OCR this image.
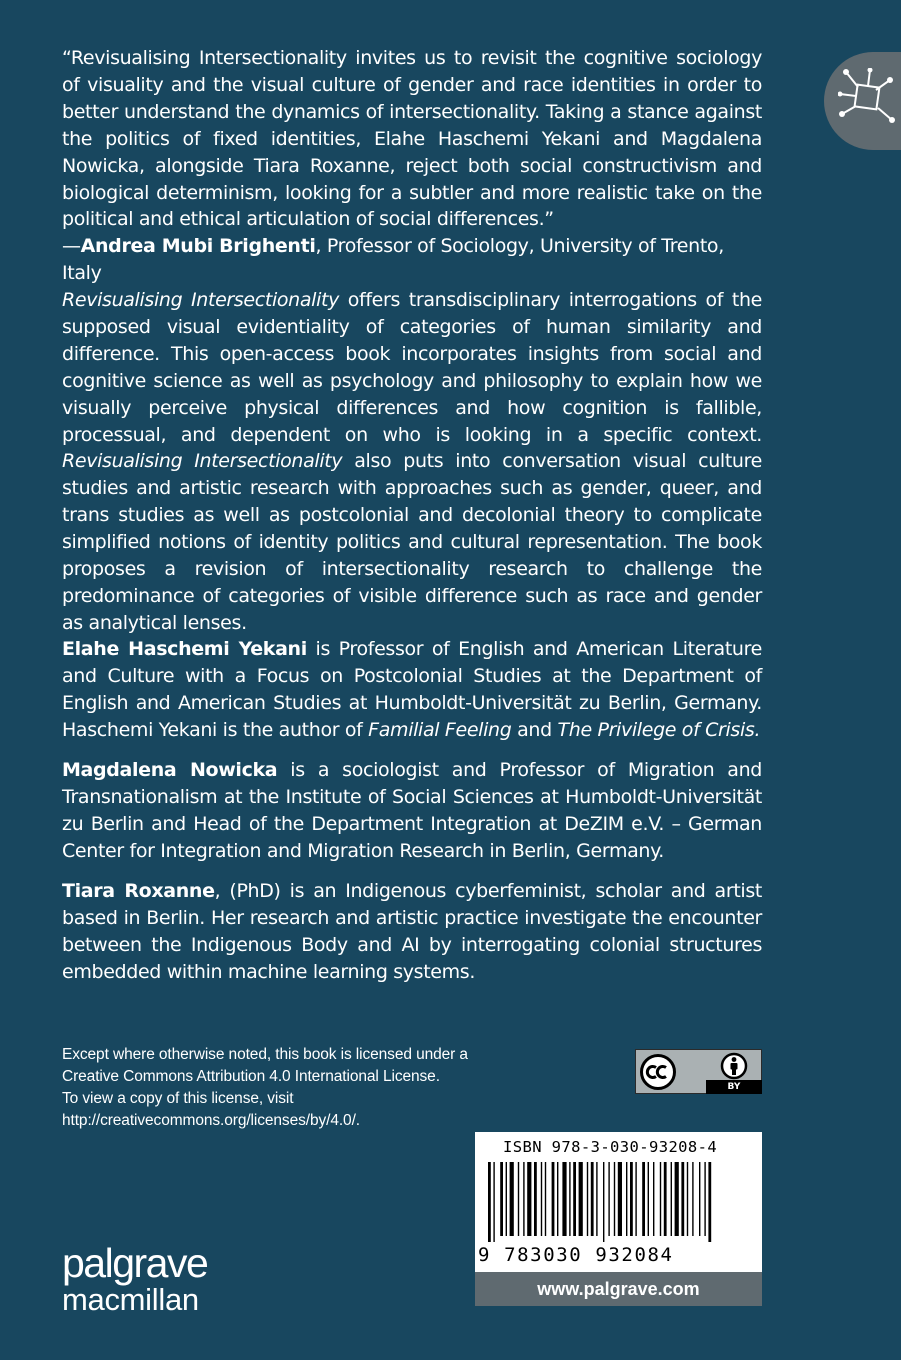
“Revisualising Intersectionality invites us to revisit the cognitive sociology of visuality and the visual culture of gender and race identities in order to better understand the dynamics of intersectionality. Taking a stance against the politics of fixed identities, Elahe Haschemi Yekani and Magdalena Nowicka, alongside Tiara Roxanne, reject both social constructivism and biological determinism, looking for a subtler and more realistic take on the political and ethical articulation of social differences.”

—Andrea Mubi Brighenti, Professor of Sociology, University of Trento, Italy

Revisualising Intersectionality offers transdisciplinary interrogations of the supposed visual evidentiality of categories of human similarity and difference. This open-access book incorporates insights from social and cognitive science as well as psychology and philosophy to explain how we visually perceive physical differences and how cognition is fallible, processual, and dependent on who is looking in a specific context. Revisualising Intersectionality also puts into conversation visual culture studies and artistic research with approaches such as gender, queer, and trans studies as well as postcolonial and decolonial theory to complicate simplified notions of identity politics and cultural representation. The book proposes a revision of intersectionality research to challenge the predominance of categories of visible difference such as race and gender as analytical lenses.

Elahe Haschemi Yekani is Professor of English and American Literature and Culture with a Focus on Postcolonial Studies at the Department of English and American Studies at Humboldt-Universität zu Berlin, Germany. Haschemi Yekani is the author of Familial Feeling and The Privilege of Crisis.

Magdalena Nowicka is a sociologist and Professor of Migration and Transnationalism at the Institute of Social Sciences at Humboldt-Universität zu Berlin and Head of the Department Integration at DeZIM e.V. – German Center for Integration and Migration Research in Berlin, Germany.

Tiara Roxanne, (PhD) is an Indigenous cyberfeminist, scholar and artist based in Berlin. Her research and artistic practice investigate the encounter between the Indigenous Body and AI by interrogating colonial structures embedded within machine learning systems.

Except where otherwise noted, this book is licensed under a
Creative Commons Attribution 4.0 International License.
To view a copy of this license, visit
http://creativecommons.org/licenses/by/4.0/.
BY
ISBN 978-3-030-93208-4
9 783030 932084
www.palgrave.com
palgrave
macmillan
